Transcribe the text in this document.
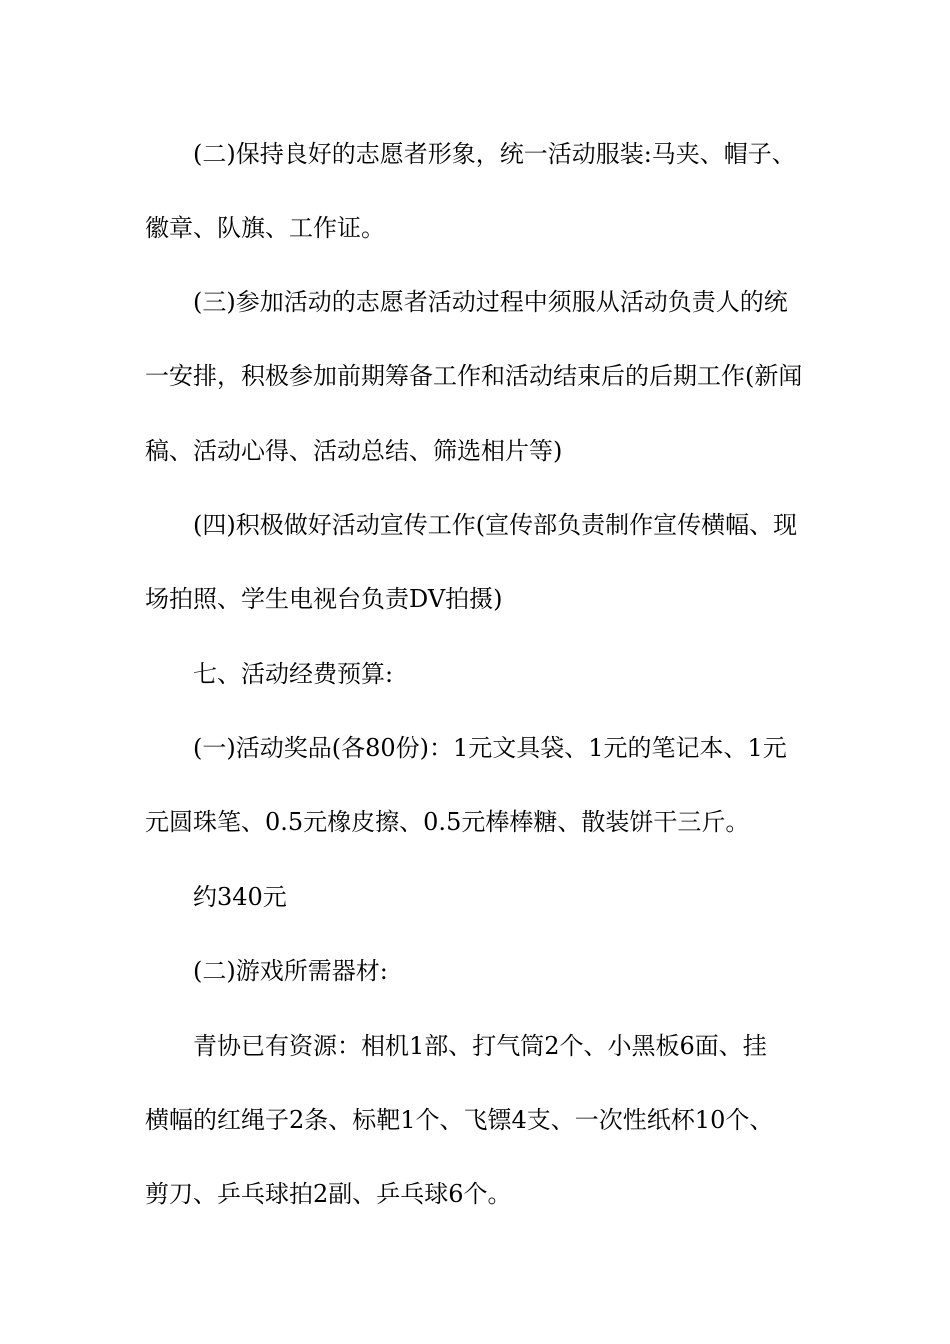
(二)保持良好的志愿者形象，统一活动服装:马夹、帽子、
徽章、队旗、工作证。
(三)参加活动的志愿者活动过程中须服从活动负责人的统
一安排，积极参加前期筹备工作和活动结束后的后期工作(新闻
稿、活动心得、活动总结、筛选相片等)
(四)积极做好活动宣传工作(宣传部负责制作宣传横幅、现
场拍照、学生电视台负责DV拍摄)
七、活动经费预算:
(一)活动奖品(各80份)：1元文具袋、1元的笔记本、1元
元圆珠笔、0.5元橡皮擦、0.5元棒棒糖、散装饼干三斤。
约340元
(二)游戏所需器材:
青协已有资源：相机1部、打气筒2个、小黑板6面、挂
横幅的红绳子2条、标靶1个、飞镖4支、一次性纸杯10个、
剪刀、乒乓球拍2副、乒乓球6个。
